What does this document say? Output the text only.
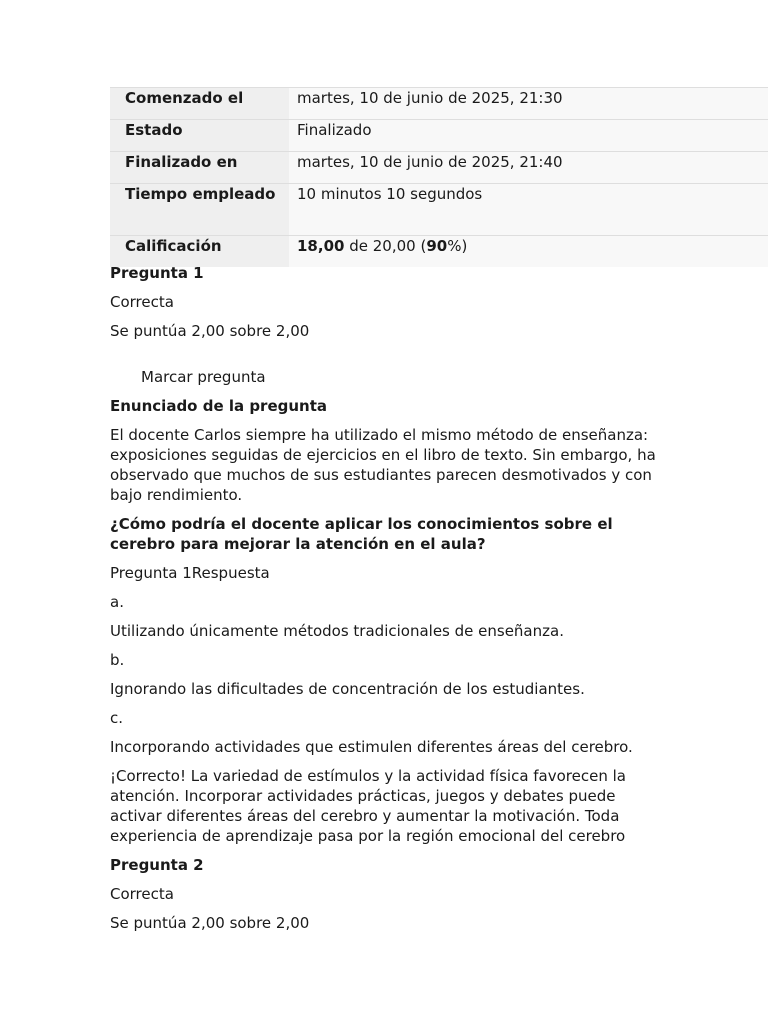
Comenzado el	martes, 10 de junio de 2025, 21:30
Estado	Finalizado
Finalizado en	martes, 10 de junio de 2025, 21:40
Tiempo empleado	10 minutos 10 segundos
Calificación	18,00 de 20,00 (90%)

Pregunta 1

Correcta

Se puntúa 2,00 sobre 2,00

Marcar pregunta

Enunciado de la pregunta

El docente Carlos siempre ha utilizado el mismo método de enseñanza: exposiciones seguidas de ejercicios en el libro de texto. Sin embargo, ha observado que muchos de sus estudiantes parecen desmotivados y con bajo rendimiento.

¿Cómo podría el docente aplicar los conocimientos sobre el cerebro para mejorar la atención en el aula?

Pregunta 1Respuesta

a.

Utilizando únicamente métodos tradicionales de enseñanza.

b.

Ignorando las dificultades de concentración de los estudiantes.

c.

Incorporando actividades que estimulen diferentes áreas del cerebro.

¡Correcto! La variedad de estímulos y la actividad física favorecen la atención. Incorporar actividades prácticas, juegos y debates puede activar diferentes áreas del cerebro y aumentar la motivación. Toda experiencia de aprendizaje pasa por la región emocional del cerebro

Pregunta 2

Correcta

Se puntúa 2,00 sobre 2,00
